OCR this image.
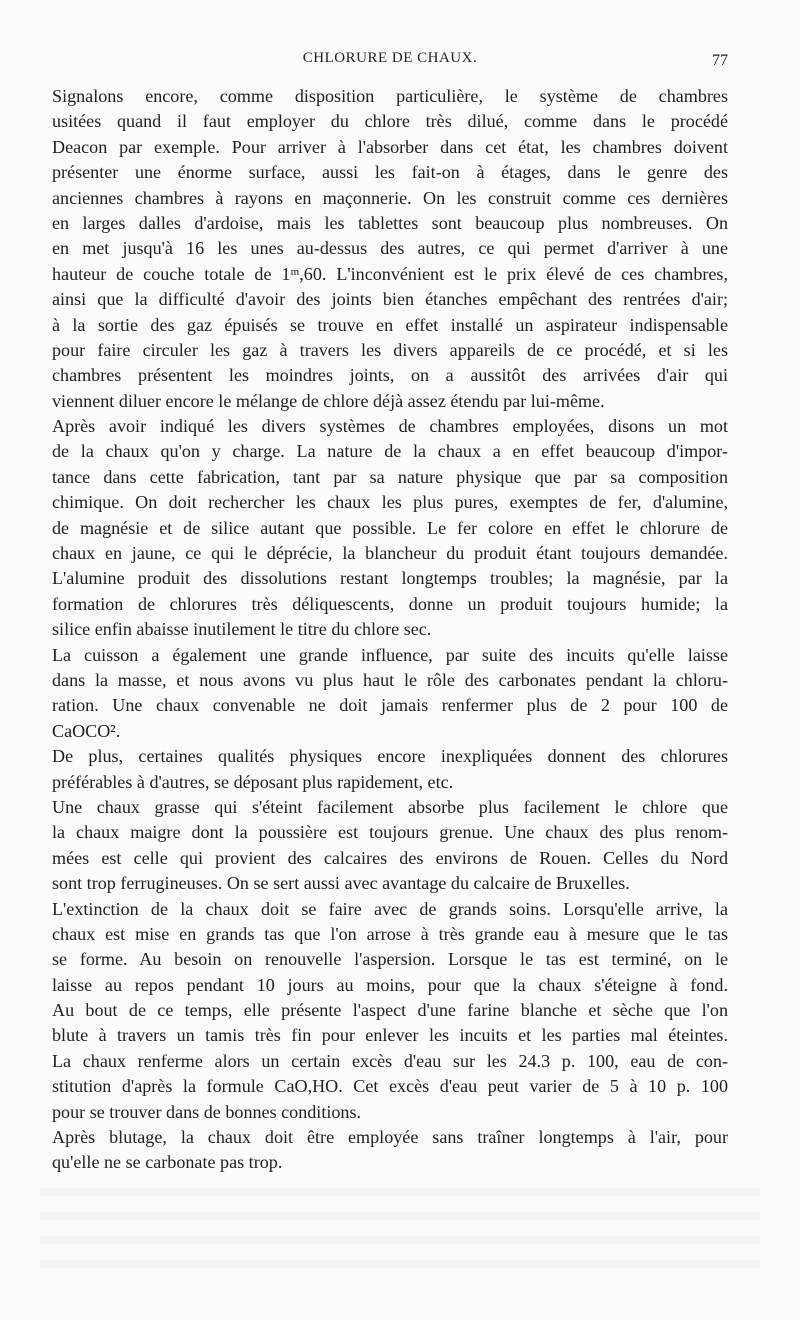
CHLORURE DE CHAUX.	77
Signalons encore, comme disposition particulière, le système de chambres
usitées quand il faut employer du chlore très dilué, comme dans le procédé
Deacon par exemple. Pour arriver à l'absorber dans cet état, les chambres doivent
présenter une énorme surface, aussi les fait-on à étages, dans le genre des
anciennes chambres à rayons en maçonnerie. On les construit comme ces dernières
en larges dalles d'ardoise, mais les tablettes sont beaucoup plus nombreuses. On
en met jusqu'à 16 les unes au-dessus des autres, ce qui permet d'arriver à une
hauteur de couche totale de 1ᵐ,60. L'inconvénient est le prix élevé de ces chambres,
ainsi que la difficulté d'avoir des joints bien étanches empêchant des rentrées d'air;
à la sortie des gaz épuisés se trouve en effet installé un aspirateur indispensable
pour faire circuler les gaz à travers les divers appareils de ce procédé, et si les
chambres présentent les moindres joints, on a aussitôt des arrivées d'air qui
viennent diluer encore le mélange de chlore déjà assez étendu par lui-même.
Après avoir indiqué les divers systèmes de chambres employées, disons un mot
de la chaux qu'on y charge. La nature de la chaux a en effet beaucoup d'impor-
tance dans cette fabrication, tant par sa nature physique que par sa composition
chimique. On doit rechercher les chaux les plus pures, exemptes de fer, d'alumine,
de magnésie et de silice autant que possible. Le fer colore en effet le chlorure de
chaux en jaune, ce qui le déprécie, la blancheur du produit étant toujours demandée.
L'alumine produit des dissolutions restant longtemps troubles; la magnésie, par la
formation de chlorures très déliquescents, donne un produit toujours humide; la
silice enfin abaisse inutilement le titre du chlore sec.
La cuisson a également une grande influence, par suite des incuits qu'elle laisse
dans la masse, et nous avons vu plus haut le rôle des carbonates pendant la chloru-
ration. Une chaux convenable ne doit jamais renfermer plus de 2 pour 100 de
CaOCO².
De plus, certaines qualités physiques encore inexpliquées donnent des chlorures
préférables à d'autres, se déposant plus rapidement, etc.
Une chaux grasse qui s'éteint facilement absorbe plus facilement le chlore que
la chaux maigre dont la poussière est toujours grenue. Une chaux des plus renom-
mées est celle qui provient des calcaires des environs de Rouen. Celles du Nord
sont trop ferrugineuses. On se sert aussi avec avantage du calcaire de Bruxelles.
L'extinction de la chaux doit se faire avec de grands soins. Lorsqu'elle arrive, la
chaux est mise en grands tas que l'on arrose à très grande eau à mesure que le tas
se forme. Au besoin on renouvelle l'aspersion. Lorsque le tas est terminé, on le
laisse au repos pendant 10 jours au moins, pour que la chaux s'éteigne à fond.
Au bout de ce temps, elle présente l'aspect d'une farine blanche et sèche que l'on
blute à travers un tamis très fin pour enlever les incuits et les parties mal éteintes.
La chaux renferme alors un certain excès d'eau sur les 24.3 p. 100, eau de con-
stitution d'après la formule CaO,HO. Cet excès d'eau peut varier de 5 à 10 p. 100
pour se trouver dans de bonnes conditions.
Après blutage, la chaux doit être employée sans traîner longtemps à l'air, pour
qu'elle ne se carbonate pas trop.
